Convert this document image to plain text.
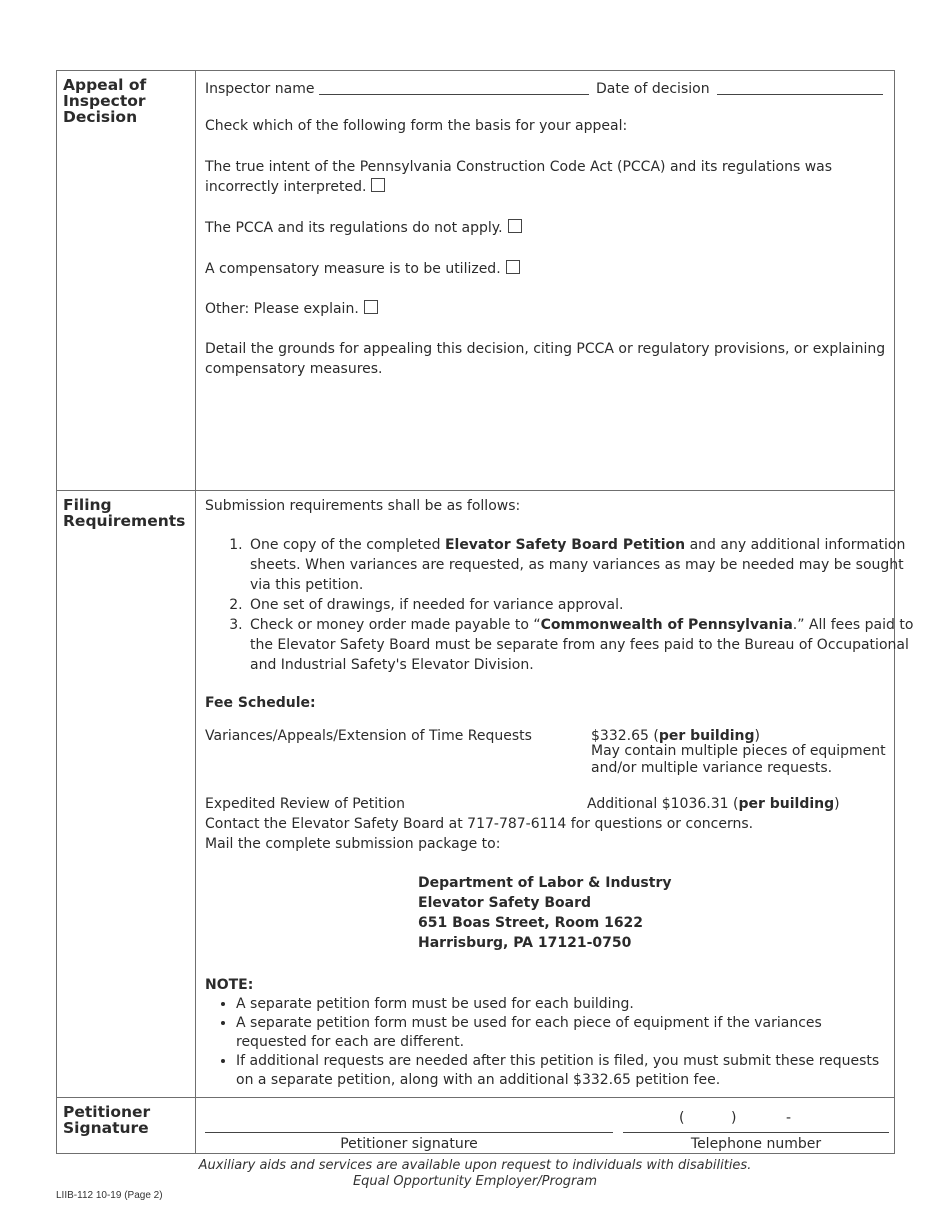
Appeal of Inspector Decision
Inspector name	Date of decision
Check which of the following form the basis for your appeal:
The true intent of the Pennsylvania Construction Code Act (PCCA) and its regulations was incorrectly interpreted.
The PCCA and its regulations do not apply.
A compensatory measure is to be utilized.
Other: Please explain.
Detail the grounds for appealing this decision, citing PCCA or regulatory provisions, or explaining compensatory measures.
Filing Requirements
Submission requirements shall be as follows:
1. One copy of the completed Elevator Safety Board Petition and any additional information sheets. When variances are requested, as many variances as may be needed may be sought via this petition.
2. One set of drawings, if needed for variance approval.
3. Check or money order made payable to “Commonwealth of Pennsylvania.” All fees paid to the Elevator Safety Board must be separate from any fees paid to the Bureau of Occupational and Industrial Safety's Elevator Division.
Fee Schedule:
Variances/Appeals/Extension of Time Requests	$332.65 (per building)
May contain multiple pieces of equipment
and/or multiple variance requests.
Expedited Review of Petition	Additional $1036.31 (per building)
Contact the Elevator Safety Board at 717-787-6114 for questions or concerns.
Mail the complete submission package to:
Department of Labor & Industry
Elevator Safety Board
651 Boas Street, Room 1622
Harrisburg, PA 17121-0750
NOTE:
• A separate petition form must be used for each building.
• A separate petition form must be used for each piece of equipment if the variances requested for each are different.
• If additional requests are needed after this petition is filed, you must submit these requests on a separate petition, along with an additional $332.65 petition fee.
Petitioner Signature
Petitioner signature
(	)	-
Telephone number
Auxiliary aids and services are available upon request to individuals with disabilities.
Equal Opportunity Employer/Program
LIIB-112 10-19 (Page 2)
